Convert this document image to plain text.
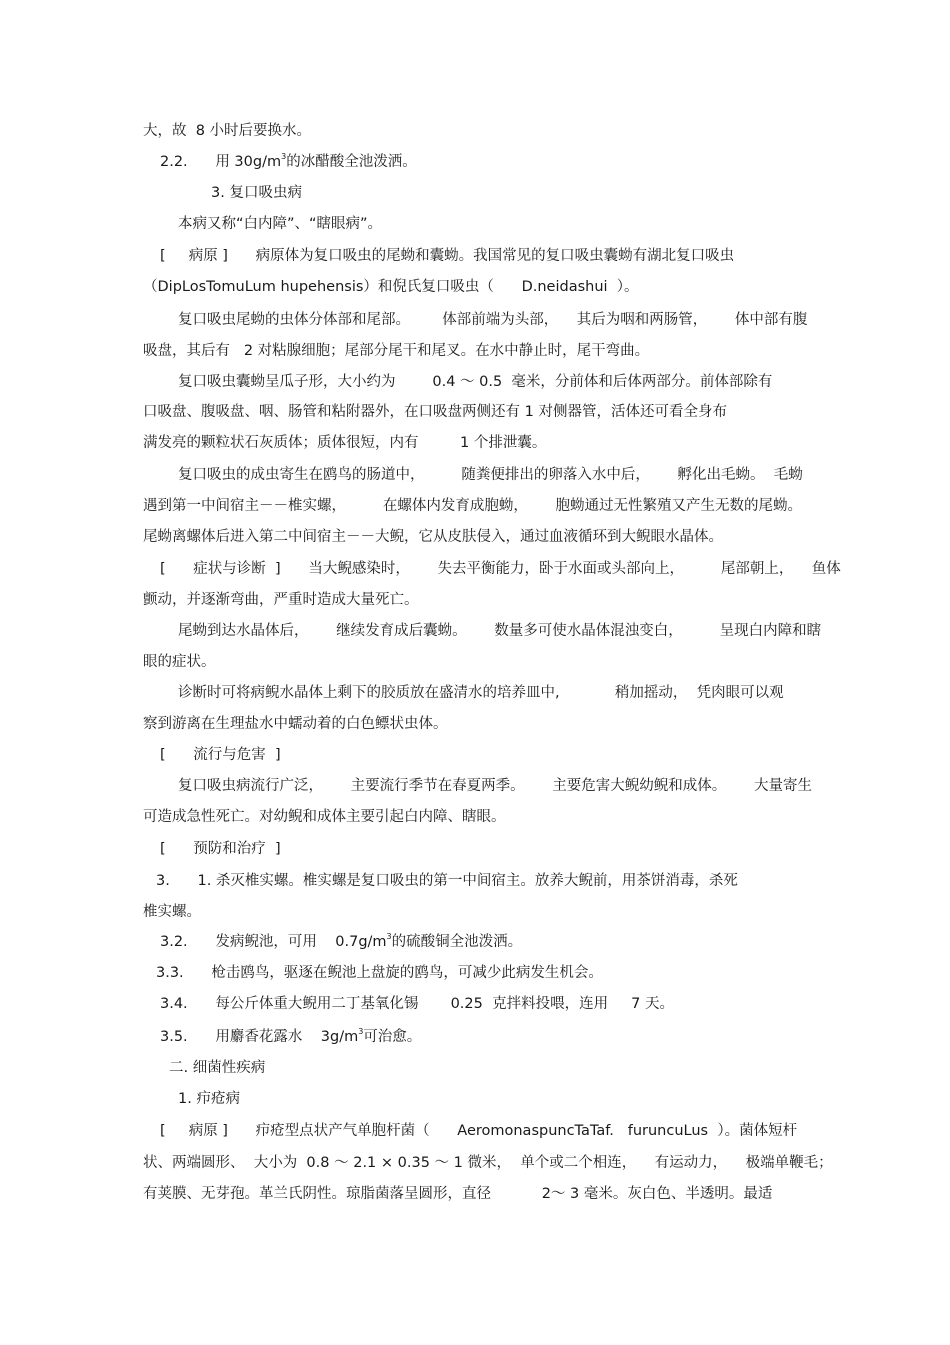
大，故  8 小时后要换水。
2.2.      用 $30g/m^3$的冰醋酸全池泼洒。
3. 复口吸虫病
本病又称“白内障”、“瞎眼病”。
[     病原 ]      病原体为复口吸虫的尾蚴和囊蚴。我国常见的复口吸虫囊蚴有湖北复口吸虫
（DipLosTomuLum hupehensis）和倪氏复口吸虫（      D.neidashui  ）。
复口吸虫尾蚴的虫体分体部和尾部。       体部前端为头部，    其后为咽和两肠管，      体中部有腹
吸盘，其后有   2 对粘腺细胞；尾部分尾干和尾叉。在水中静止时，尾干弯曲。
复口吸虫囊蚴呈瓜子形，大小约为        0.4 ～ 0.5  毫米，分前体和后体两部分。前体部除有
口吸盘、腹吸盘、咽、肠管和粘附器外，在口吸盘两侧还有 1 对侧器管，活体还可看全身布
满发亮的颗粒状石灰质体；质体很短，内有         1 个排泄囊。
复口吸虫的成虫寄生在鸥鸟的肠道中，        随粪便排出的卵落入水中后，      孵化出毛蚴。  毛蚴
遇到第一中间宿主－－椎实螺，        在螺体内发育成胞蚴，      胞蚴通过无性繁殖又产生无数的尾蚴。
尾蚴离螺体后进入第二中间宿主－－大鲵，它从皮肤侵入，通过血液循环到大鲵眼水晶体。
[      症状与诊断  ]      当大鲵感染时，      失去平衡能力，卧于水面或头部向上，        尾部朝上，    鱼体
颤动，并逐渐弯曲，严重时造成大量死亡。
尾蚴到达水晶体后，      继续发育成后囊蚴。      数量多可使水晶体混浊变白，        呈现白内障和瞎
眼的症状。
诊断时可将病鲵水晶体上剩下的胶质放在盛清水的培养皿中,            稍加摇动，  凭肉眼可以观
察到游离在生理盐水中蠕动着的白色鳔状虫体。
[      流行与危害  ]
复口吸虫病流行广泛，      主要流行季节在春夏两季。      主要危害大鲵幼鲵和成体。      大量寄生
可造成急性死亡。对幼鲵和成体主要引起白内障、瞎眼。
[      预防和治疗  ]
3.      1. 杀灭椎实螺。椎实螺是复口吸虫的第一中间宿主。放养大鲵前，用茶饼消毒，杀死
椎实螺。
3.2.      发病鲵池，可用    $0.7g/m^3$的硫酸铜全池泼洒。
3.3.      枪击鸥鸟，驱逐在鲵池上盘旋的鸥鸟，可减少此病发生机会。
3.4.      每公斤体重大鲵用二丁基氧化锡       0.25  克拌料投喂，连用     7 天。
3.5.      用麝香花露水    $3g/m^3$可治愈。
二. 细菌性疾病
1. 疖疮病
[     病原 ]      疖疮型点状产气单胞杆菌（      AeromonaspuncTaTaf.   furuncuLus  ）。菌体短杆
状、两端圆形、  大小为  0.8 ～ 2.1 × 0.35 ～ 1 微米，  单个或二个相连，    有运动力，    极端单鞭毛；
有荚膜、无芽孢。革兰氏阴性。琼脂菌落呈圆形，直径           2～ 3 毫米。灰白色、半透明。最适
